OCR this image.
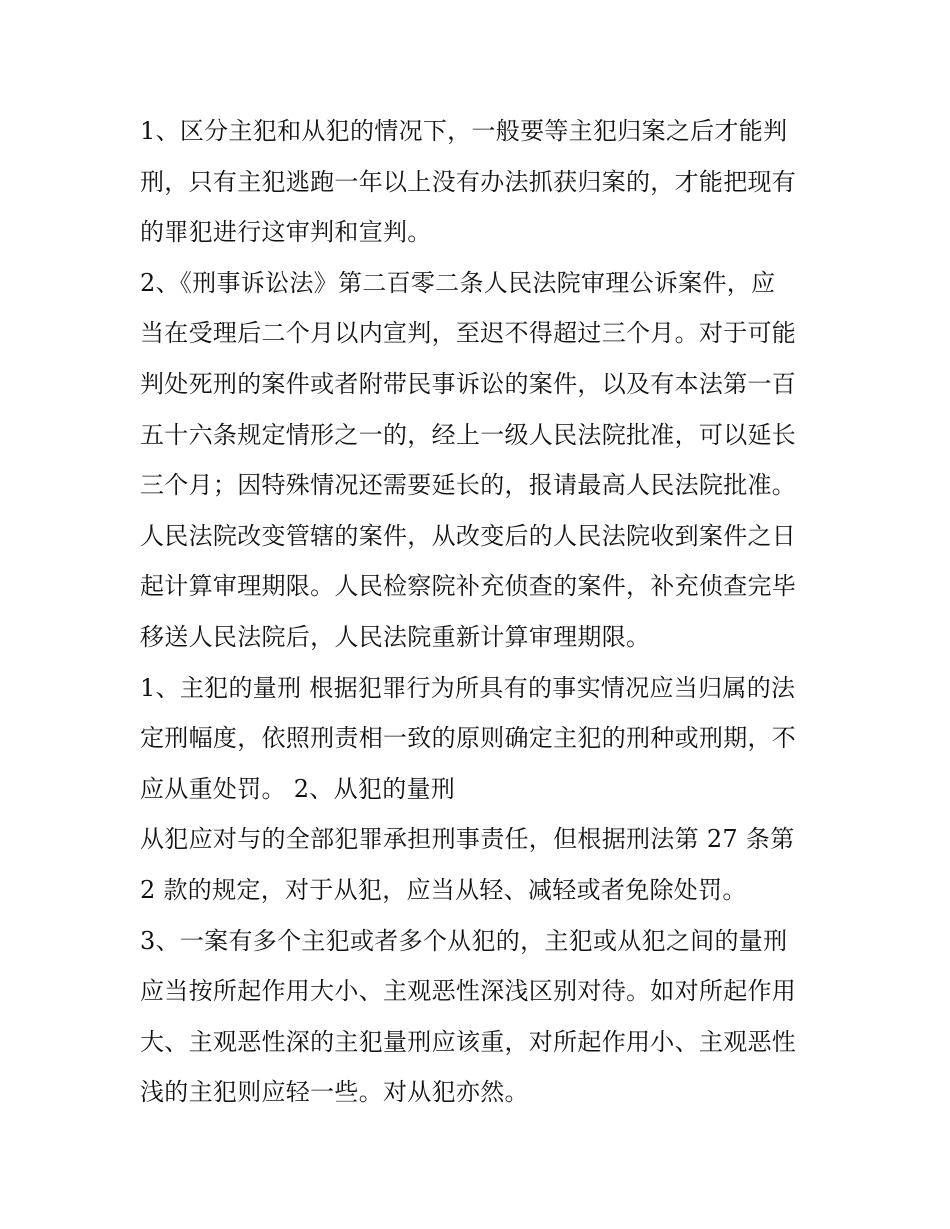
1、区分主犯和从犯的情况下，一般要等主犯归案之后才能判
刑，只有主犯逃跑一年以上没有办法抓获归案的，才能把现有
的罪犯进行这审判和宣判。
2、《刑事诉讼法》第二百零二条人民法院审理公诉案件，应
当在受理后二个月以内宣判，至迟不得超过三个月。对于可能
判处死刑的案件或者附带民事诉讼的案件，以及有本法第一百
五十六条规定情形之一的，经上一级人民法院批准，可以延长
三个月；因特殊情况还需要延长的，报请最高人民法院批准。
人民法院改变管辖的案件，从改变后的人民法院收到案件之日
起计算审理期限。人民检察院补充侦查的案件，补充侦查完毕
移送人民法院后，人民法院重新计算审理期限。
1、主犯的量刑 根据犯罪行为所具有的事实情况应当归属的法
定刑幅度，依照刑责相一致的原则确定主犯的刑种或刑期，不
应从重处罚。 2、从犯的量刑
从犯应对与的全部犯罪承担刑事责任，但根据刑法第 27 条第
2 款的规定，对于从犯，应当从轻、减轻或者免除处罚。
3、一案有多个主犯或者多个从犯的，主犯或从犯之间的量刑
应当按所起作用大小、主观恶性深浅区别对待。如对所起作用
大、主观恶性深的主犯量刑应该重，对所起作用小、主观恶性
浅的主犯则应轻一些。对从犯亦然。
